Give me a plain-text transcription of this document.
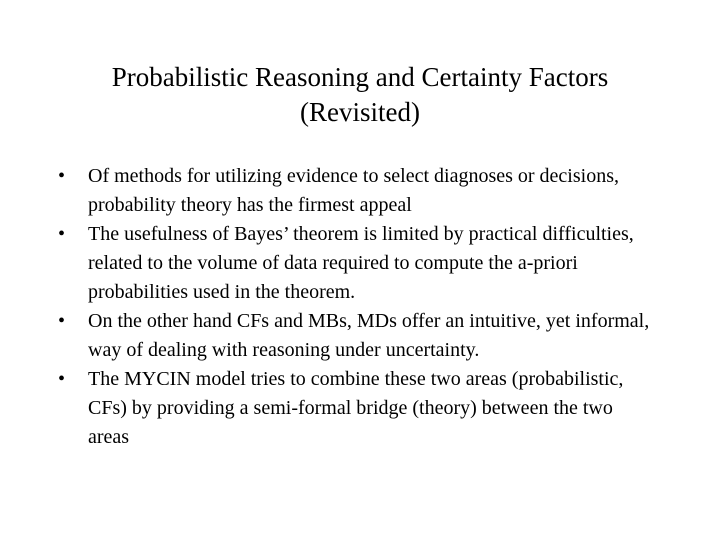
Probabilistic Reasoning and Certainty Factors
(Revisited)
•	Of methods for utilizing evidence to select diagnoses or decisions, probability theory has the firmest appeal
•	The usefulness of Bayes’ theorem is limited by practical difficulties, related to the volume of data required to compute the a-priori probabilities used in the theorem.
•	On the other hand CFs and MBs, MDs offer an intuitive, yet informal, way of dealing with reasoning under uncertainty.
•	The MYCIN model tries to combine these two areas (probabilistic, CFs) by providing a semi-formal bridge (theory) between the two areas
